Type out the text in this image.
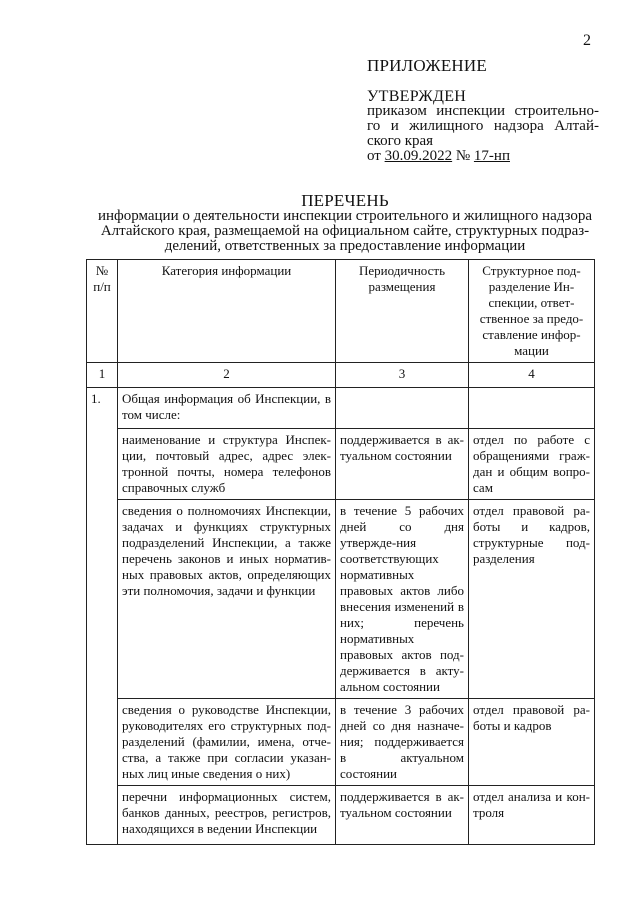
2
ПРИЛОЖЕНИЕ
УТВЕРЖДЕН
приказом инспекции строительно-го и жилищного надзора Алтай-ского края
от 30.09.2022 № 17-нп
ПЕРЕЧЕНЬ
информации о деятельности инспекции строительного и жилищного надзора Алтайского края, размещаемой на официальном сайте, структурных подраз-делений, ответственных за предоставление информации
№ п/п	Категория информации	Периодичность размещения	Структурное под-разделение Ин-спекции, ответ-ственное за предо-ставление инфор-мации
1	2	3	4
1.	Общая информация об Инспекции, в том числе:		
	наименование и структура Инспек-ции, почтовый адрес, адрес элек-тронной почты, номера телефонов справочных служб	поддерживается в ак-туальном состоянии	отдел по работе с обращениями граж-дан и общим вопро-сам
	сведения о полномочиях Инспекции, задачах и функциях структурных подразделений Инспекции, а также перечень законов и иных норматив-ных правовых актов, определяющих эти полномочия, задачи и функции	в течение 5 рабочих дней со дня утвержде-ния соответствующих нормативных правовых актов либо внесения изменений в них; перечень нормативных правовых актов под-держивается в акту-альном состоянии	отдел правовой ра-боты и кадров, структурные под-разделения
	сведения о руководстве Инспекции, руководителях его структурных под-разделений (фамилии, имена, отче-ства, а также при согласии указан-ных лиц иные сведения о них)	в течение 3 рабочих дней со дня назначе-ния; поддерживается в актуальном состоянии	отдел правовой ра-боты и кадров
	перечни информационных систем, банков данных, реестров, регистров, находящихся в ведении Инспекции	поддерживается в ак-туальном состоянии	отдел анализа и кон-троля
